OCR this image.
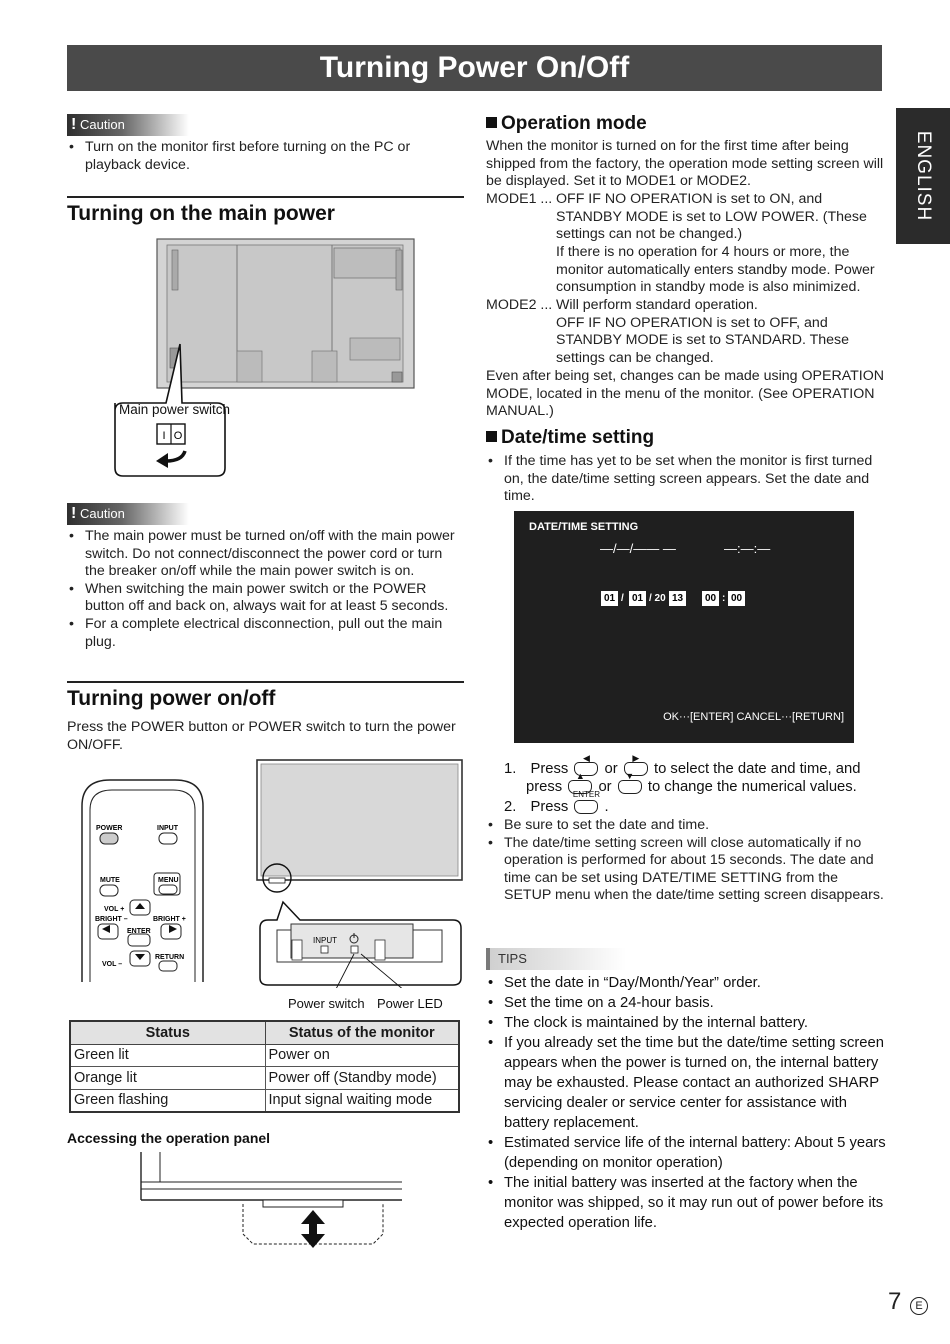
Turning Power On/Off
ENGLISH
! Caution
• Turn on the monitor first before turning on the PC or playback device.
Turning on the main power
I O
Main power switch
! Caution
• The main power must be turned on/off with the main power switch. Do not connect/disconnect the power cord or turn the breaker on/off while the main power switch is on.
• When switching the main power switch or the POWER button off and back on, always wait for at least 5 seconds.
• For a complete electrical disconnection, pull out the main plug.
Turning power on/off
Press the POWER button or POWER switch to turn the power ON/OFF.
POWER	INPUT
MUTE	MENU
VOL +
BRIGHT –	BRIGHT +
ENTER
VOL –
RETURN
INPUT
Power switch Power LED
Status	Status of the monitor
Green lit	Power on
Orange lit	Power off (Standby mode)
Green flashing	Input signal waiting mode
Accessing the operation panel
Operation mode
When the monitor is turned on for the first time after being shipped from the factory, the operation mode setting screen will be displayed. Set it to MODE1 or MODE2.
MODE1 ... OFF IF NO OPERATION is set to ON, and STANDBY MODE is set to LOW POWER. (These settings can not be changed.)
If there is no operation for 4 hours or more, the monitor automatically enters standby mode. Power consumption in standby mode is also minimized.
MODE2 ... Will perform standard operation.
OFF IF NO OPERATION is set to OFF, and STANDBY MODE is set to STANDARD. These settings can be changed.
Even after being set, changes can be made using OPERATION MODE, located in the menu of the monitor. (See OPERATION MANUAL.)
Date/time setting
• If the time has yet to be set when the monitor is first turned on, the date/time setting screen appears. Set the date and time.
DATE/TIME SETTING
—/—/—— —	—:—:—
01 / 01 / 20 13 00 : 00
OK···[ENTER] CANCEL···[RETURN]
1. Press
◀
or
▶
to select the date and time, and
press
▲
or
▼
to change the numerical values.
2. Press
ENTER
.
• Be sure to set the date and time.
• The date/time setting screen will close automatically if no operation is performed for about 15 seconds. The date and time can be set using DATE/TIME SETTING from the SETUP menu when the date/time setting screen disappears.
TIPS
• Set the date in “Day/Month/Year” order.
• Set the time on a 24-hour basis.
• The clock is maintained by the internal battery.
• If you already set the time but the date/time setting screen appears when the power is turned on, the internal battery may be exhausted. Please contact an authorized SHARP servicing dealer or service center for assistance with battery replacement.
• Estimated service life of the internal battery: About 5 years (depending on monitor operation)
• The initial battery was inserted at the factory when the monitor was shipped, so it may run out of power before its expected operation life.
7	E
